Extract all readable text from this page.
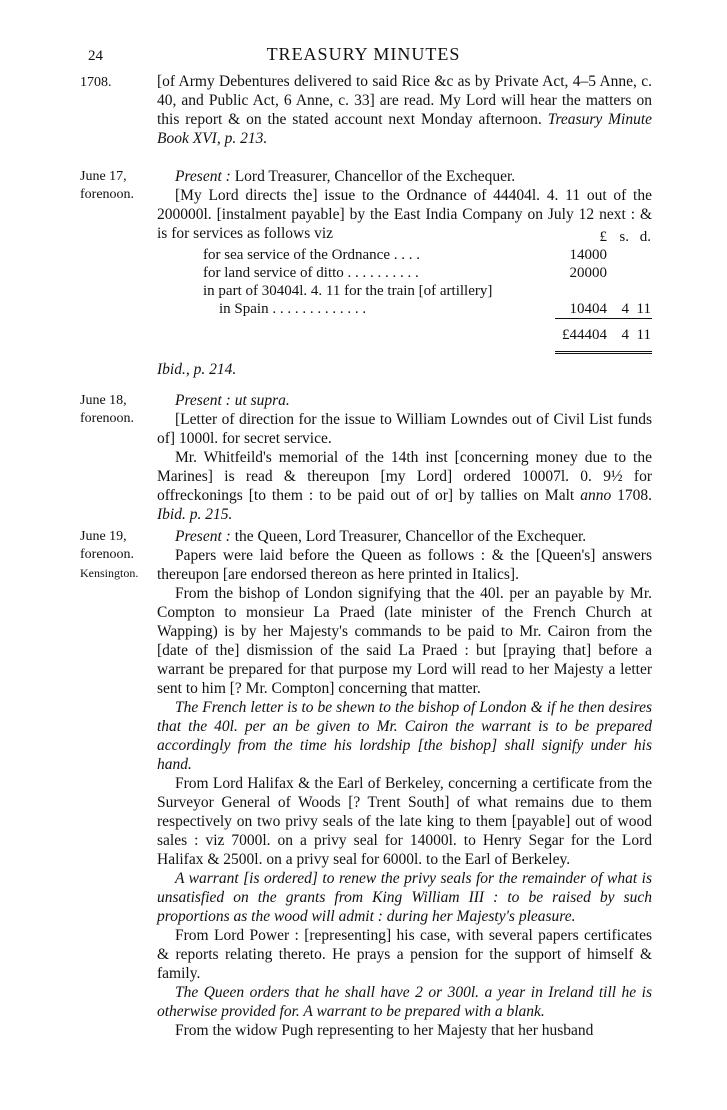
24	TREASURY MINUTES
1708.
June 17,
forenoon.
June 18,
forenoon.
June 19,
forenoon.
Kensington.

[of Army Debentures delivered to said Rice &c as by Private Act, 4–5 Anne, c. 40, and Public Act, 6 Anne, c. 33] are read. My Lord will hear the matters on this report & on the stated account next Monday afternoon. Treasury Minute Book XVI, p. 213.

Present : Lord Treasurer, Chancellor of the Exchequer.

[My Lord directs the] issue to the Ordnance of 44404l. 4. 11 out of the 200000l. [instalment payable] by the East India Company on July 12 next : & is for services as follows viz	£ s. d.
for sea service of the Ordnance . . . .	14000
for land service of ditto . . . . . . . . . .	20000
in part of 30404l. 4. 11 for the train [of artillery]
in Spain . . . . . . . . . . . . .	10404 4 11
£44404 4 11

Ibid., p. 214.

Present : ut supra.

[Letter of direction for the issue to William Lowndes out of Civil List funds of] 1000l. for secret service.

Mr. Whitfeild's memorial of the 14th inst [concerning money due to the Marines] is read & thereupon [my Lord] ordered 10007l. 0. 9½ for offreckonings [to them : to be paid out of or] by tallies on Malt anno 1708. Ibid. p. 215.

Present : the Queen, Lord Treasurer, Chancellor of the Exchequer.

Papers were laid before the Queen as follows : & the [Queen's] answers thereupon [are endorsed thereon as here printed in Italics].

From the bishop of London signifying that the 40l. per an payable by Mr. Compton to monsieur La Praed (late minister of the French Church at Wapping) is by her Majesty's commands to be paid to Mr. Cairon from the [date of the] dismission of the said La Praed : but [praying that] before a warrant be prepared for that purpose my Lord will read to her Majesty a letter sent to him [? Mr. Compton] concerning that matter.

The French letter is to be shewn to the bishop of London & if he then desires that the 40l. per an be given to Mr. Cairon the warrant is to be prepared accordingly from the time his lordship [the bishop] shall signify under his hand.

From Lord Halifax & the Earl of Berkeley, concerning a certificate from the Surveyor General of Woods [? Trent South] of what remains due to them respectively on two privy seals of the late king to them [payable] out of wood sales : viz 7000l. on a privy seal for 14000l. to Henry Segar for the Lord Halifax & 2500l. on a privy seal for 6000l. to the Earl of Berkeley.

A warrant [is ordered] to renew the privy seals for the remainder of what is unsatisfied on the grants from King William III : to be raised by such proportions as the wood will admit : during her Majesty's pleasure.

From Lord Power : [representing] his case, with several papers certificates & reports relating thereto. He prays a pension for the support of himself & family.

The Queen orders that he shall have 2 or 300l. a year in Ireland till he is otherwise provided for. A warrant to be prepared with a blank.

From the widow Pugh representing to her Majesty that her husband
